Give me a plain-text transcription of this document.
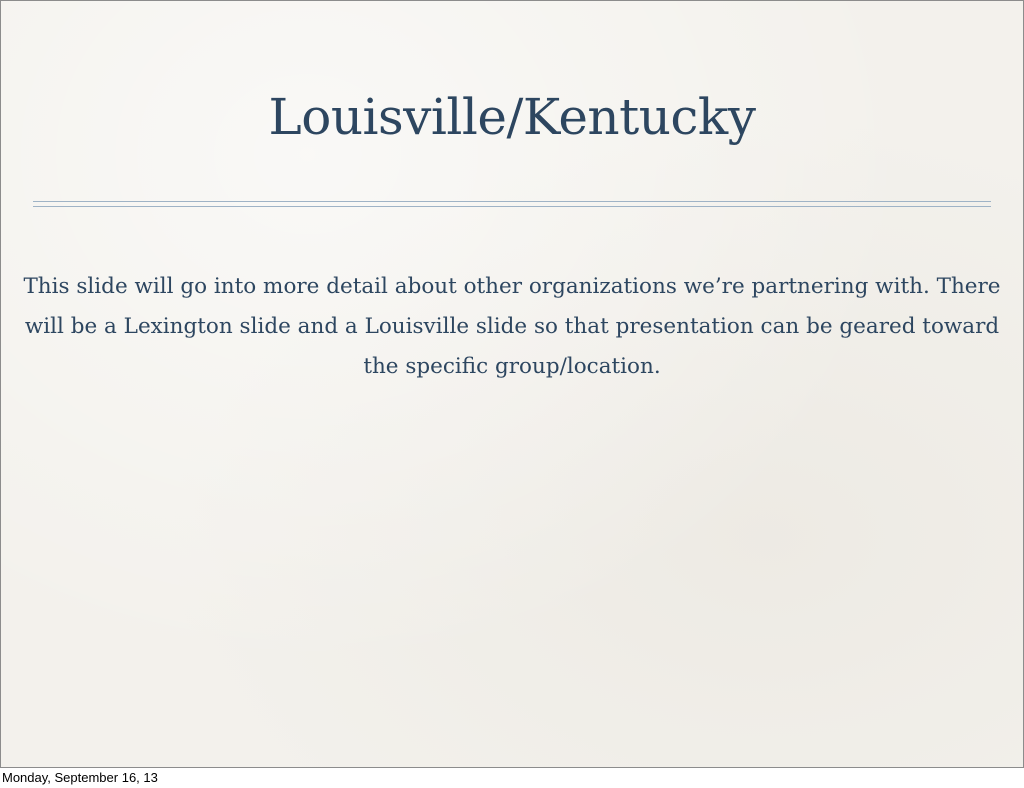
Louisville/Kentucky
This slide will go into more detail about other organizations we’re partnering with. There will be a Lexington slide and a Louisville slide so that presentation can be geared toward the specific group/location.
Monday, September 16, 13
